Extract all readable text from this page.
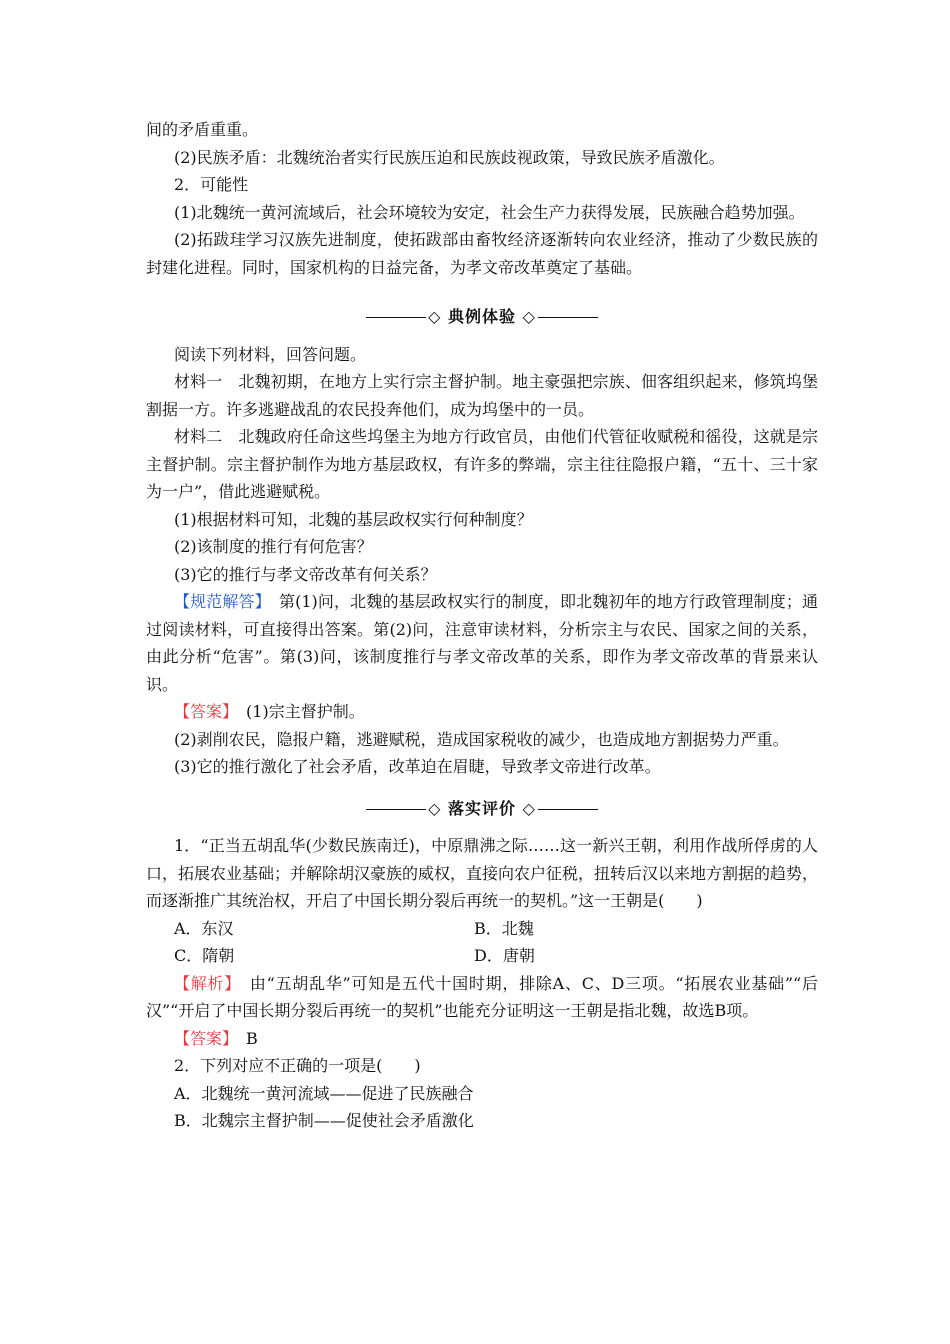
间的矛盾重重。

(2)民族矛盾：北魏统治者实行民族压迫和民族歧视政策，导致民族矛盾激化。

2．可能性

(1)北魏统一黄河流域后，社会环境较为安定，社会生产力获得发展，民族融合趋势加强。

(2)拓跋珪学习汉族先进制度，使拓跋部由畜牧经济逐渐转向农业经济，推动了少数民族的封建化进程。同时，国家机构的日益完备，为孝文帝改革奠定了基础。

◇ 典例体验 ◇

阅读下列材料，回答问题。

材料一　北魏初期，在地方上实行宗主督护制。地主豪强把宗族、佃客组织起来，修筑坞堡割据一方。许多逃避战乱的农民投奔他们，成为坞堡中的一员。

材料二　北魏政府任命这些坞堡主为地方行政官员，由他们代管征收赋税和徭役，这就是宗主督护制。宗主督护制作为地方基层政权，有许多的弊端，宗主往往隐报户籍，“五十、三十家为一户”，借此逃避赋税。

(1)根据材料可知，北魏的基层政权实行何种制度？

(2)该制度的推行有何危害？

(3)它的推行与孝文帝改革有何关系？

【规范解答】　 第(1)问，北魏的基层政权实行的制度，即北魏初年的地方行政管理制度；通过阅读材料，可直接得出答案。第(2)问，注意审读材料，分析宗主与农民、国家之间的关系，由此分析“危害”。第(3)问，该制度推行与孝文帝改革的关系，即作为孝文帝改革的背景来认识。

【答案】　 (1)宗主督护制。

(2)剥削农民，隐报户籍，逃避赋税，造成国家税收的减少，也造成地方割据势力严重。

(3)它的推行激化了社会矛盾，改革迫在眉睫，导致孝文帝进行改革。

◇ 落实评价 ◇

1．“正当五胡乱华(少数民族南迁)，中原鼎沸之际……这一新兴王朝，利用作战所俘虏的人口，拓展农业基础；并解除胡汉豪族的威权，直接向农户征税，扭转后汉以来地方割据的趋势，而逐渐推广其统治权，开启了中国长期分裂后再统一的契机。”这一王朝是(　　)

A．东汉	B．北魏
C．隋朝	D．唐朝

【解析】　 由“五胡乱华”可知是五代十国时期，排除A、C、D三项。“拓展农业基础”“后汉”“开启了中国长期分裂后再统一的契机”也能充分证明这一王朝是指北魏，故选B项。

【答案】　 B

2．下列对应不正确的一项是(　　)

A．北魏统一黄河流域——促进了民族融合

B．北魏宗主督护制——促使社会矛盾激化
